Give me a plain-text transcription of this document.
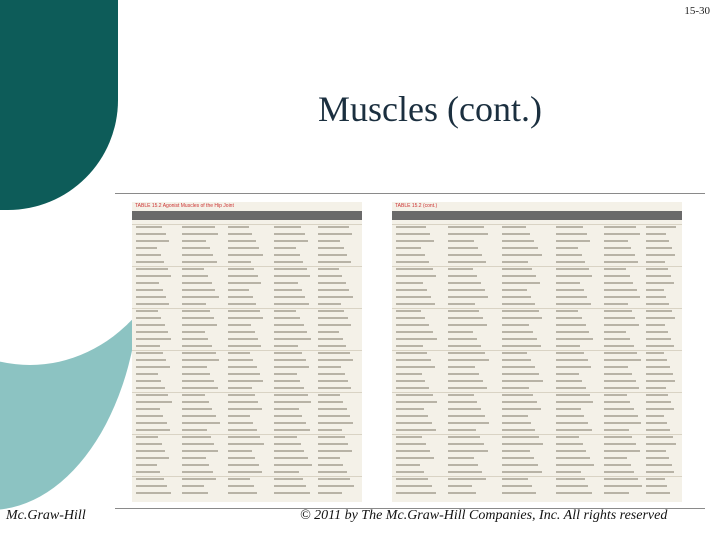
15-30
Muscles (cont.)
TABLE 15.2 Agonist Muscles of the Hip Joint	TABLE 15.2 (cont.)
Mc.Graw-Hill	© 2011 by The Mc.Graw-Hill Companies, Inc. All rights reserved
